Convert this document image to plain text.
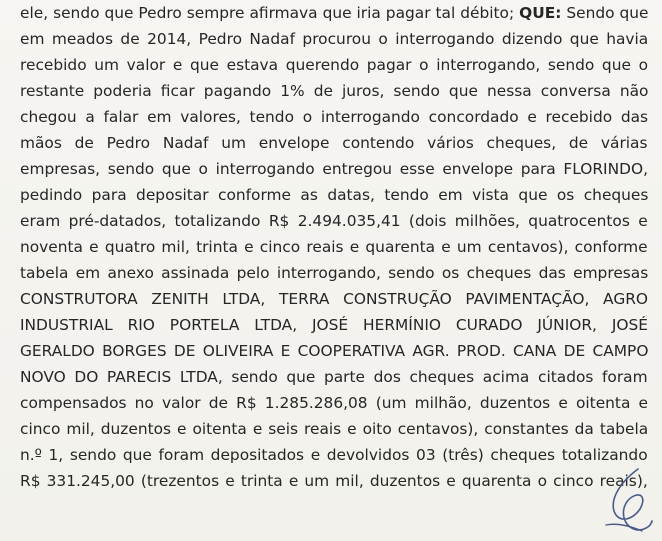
ele, sendo que Pedro sempre afirmava que iria pagar tal débito; QUE: Sendo que
em meados de 2014, Pedro Nadaf procurou o interrogando dizendo que havia
recebido um valor e que estava querendo pagar o interrogando, sendo que o
restante poderia ficar pagando 1% de juros, sendo que nessa conversa não
chegou a falar em valores, tendo o interrogando concordado e recebido das
mãos de Pedro Nadaf um envelope contendo vários cheques, de várias
empresas, sendo que o interrogando entregou esse envelope para FLORINDO,
pedindo para depositar conforme as datas, tendo em vista que os cheques
eram pré-datados, totalizando R$ 2.494.035,41 (dois milhões, quatrocentos e
noventa e quatro mil, trinta e cinco reais e quarenta e um centavos), conforme
tabela em anexo assinada pelo interrogando, sendo os cheques das empresas
CONSTRUTORA ZENITH LTDA, TERRA CONSTRUÇÃO PAVIMENTAÇÃO, AGRO
INDUSTRIAL RIO PORTELA LTDA, JOSÉ HERMÍNIO CURADO JÚNIOR, JOSÉ
GERALDO BORGES DE OLIVEIRA E COOPERATIVA AGR. PROD. CANA DE CAMPO
NOVO DO PARECIS LTDA, sendo que parte dos cheques acima citados foram
compensados no valor de R$ 1.285.286,08 (um milhão, duzentos e oitenta e
cinco mil, duzentos e oitenta e seis reais e oito centavos), constantes da tabela
n.º 1, sendo que foram depositados e devolvidos 03 (três) cheques totalizando
R$ 331.245,00 (trezentos e trinta e um mil, duzentos e quarenta o cinco reais),
